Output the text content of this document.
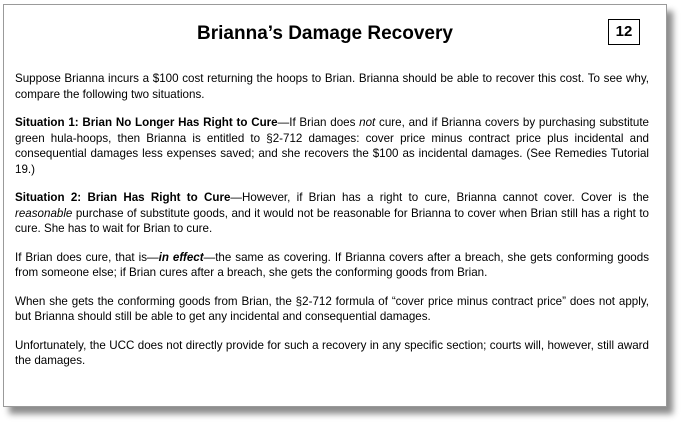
Brianna’s Damage Recovery	12

Suppose Brianna incurs a $100 cost returning the hoops to Brian. Brianna should be able to recover this cost. To see why, compare the following two situations.

Situation 1: Brian No Longer Has Right to Cure—If Brian does not cure, and if Brianna covers by purchasing substitute green hula-hoops, then Brianna is entitled to §2-712 damages: cover price minus contract price plus incidental and consequential damages less expenses saved; and she recovers the $100 as incidental damages. (See Remedies Tutorial 19.)

Situation 2: Brian Has Right to Cure—However, if Brian has a right to cure, Brianna cannot cover. Cover is the reasonable purchase of substitute goods, and it would not be reasonable for Brianna to cover when Brian still has a right to cure. She has to wait for Brian to cure.

If Brian does cure, that is—in effect—the same as covering. If Brianna covers after a breach, she gets conforming goods from someone else; if Brian cures after a breach, she gets the conforming goods from Brian.

When she gets the conforming goods from Brian, the §2-712 formula of “cover price minus contract price” does not apply, but Brianna should still be able to get any incidental and consequential damages.

Unfortunately, the UCC does not directly provide for such a recovery in any specific section; courts will, however, still award the damages.
